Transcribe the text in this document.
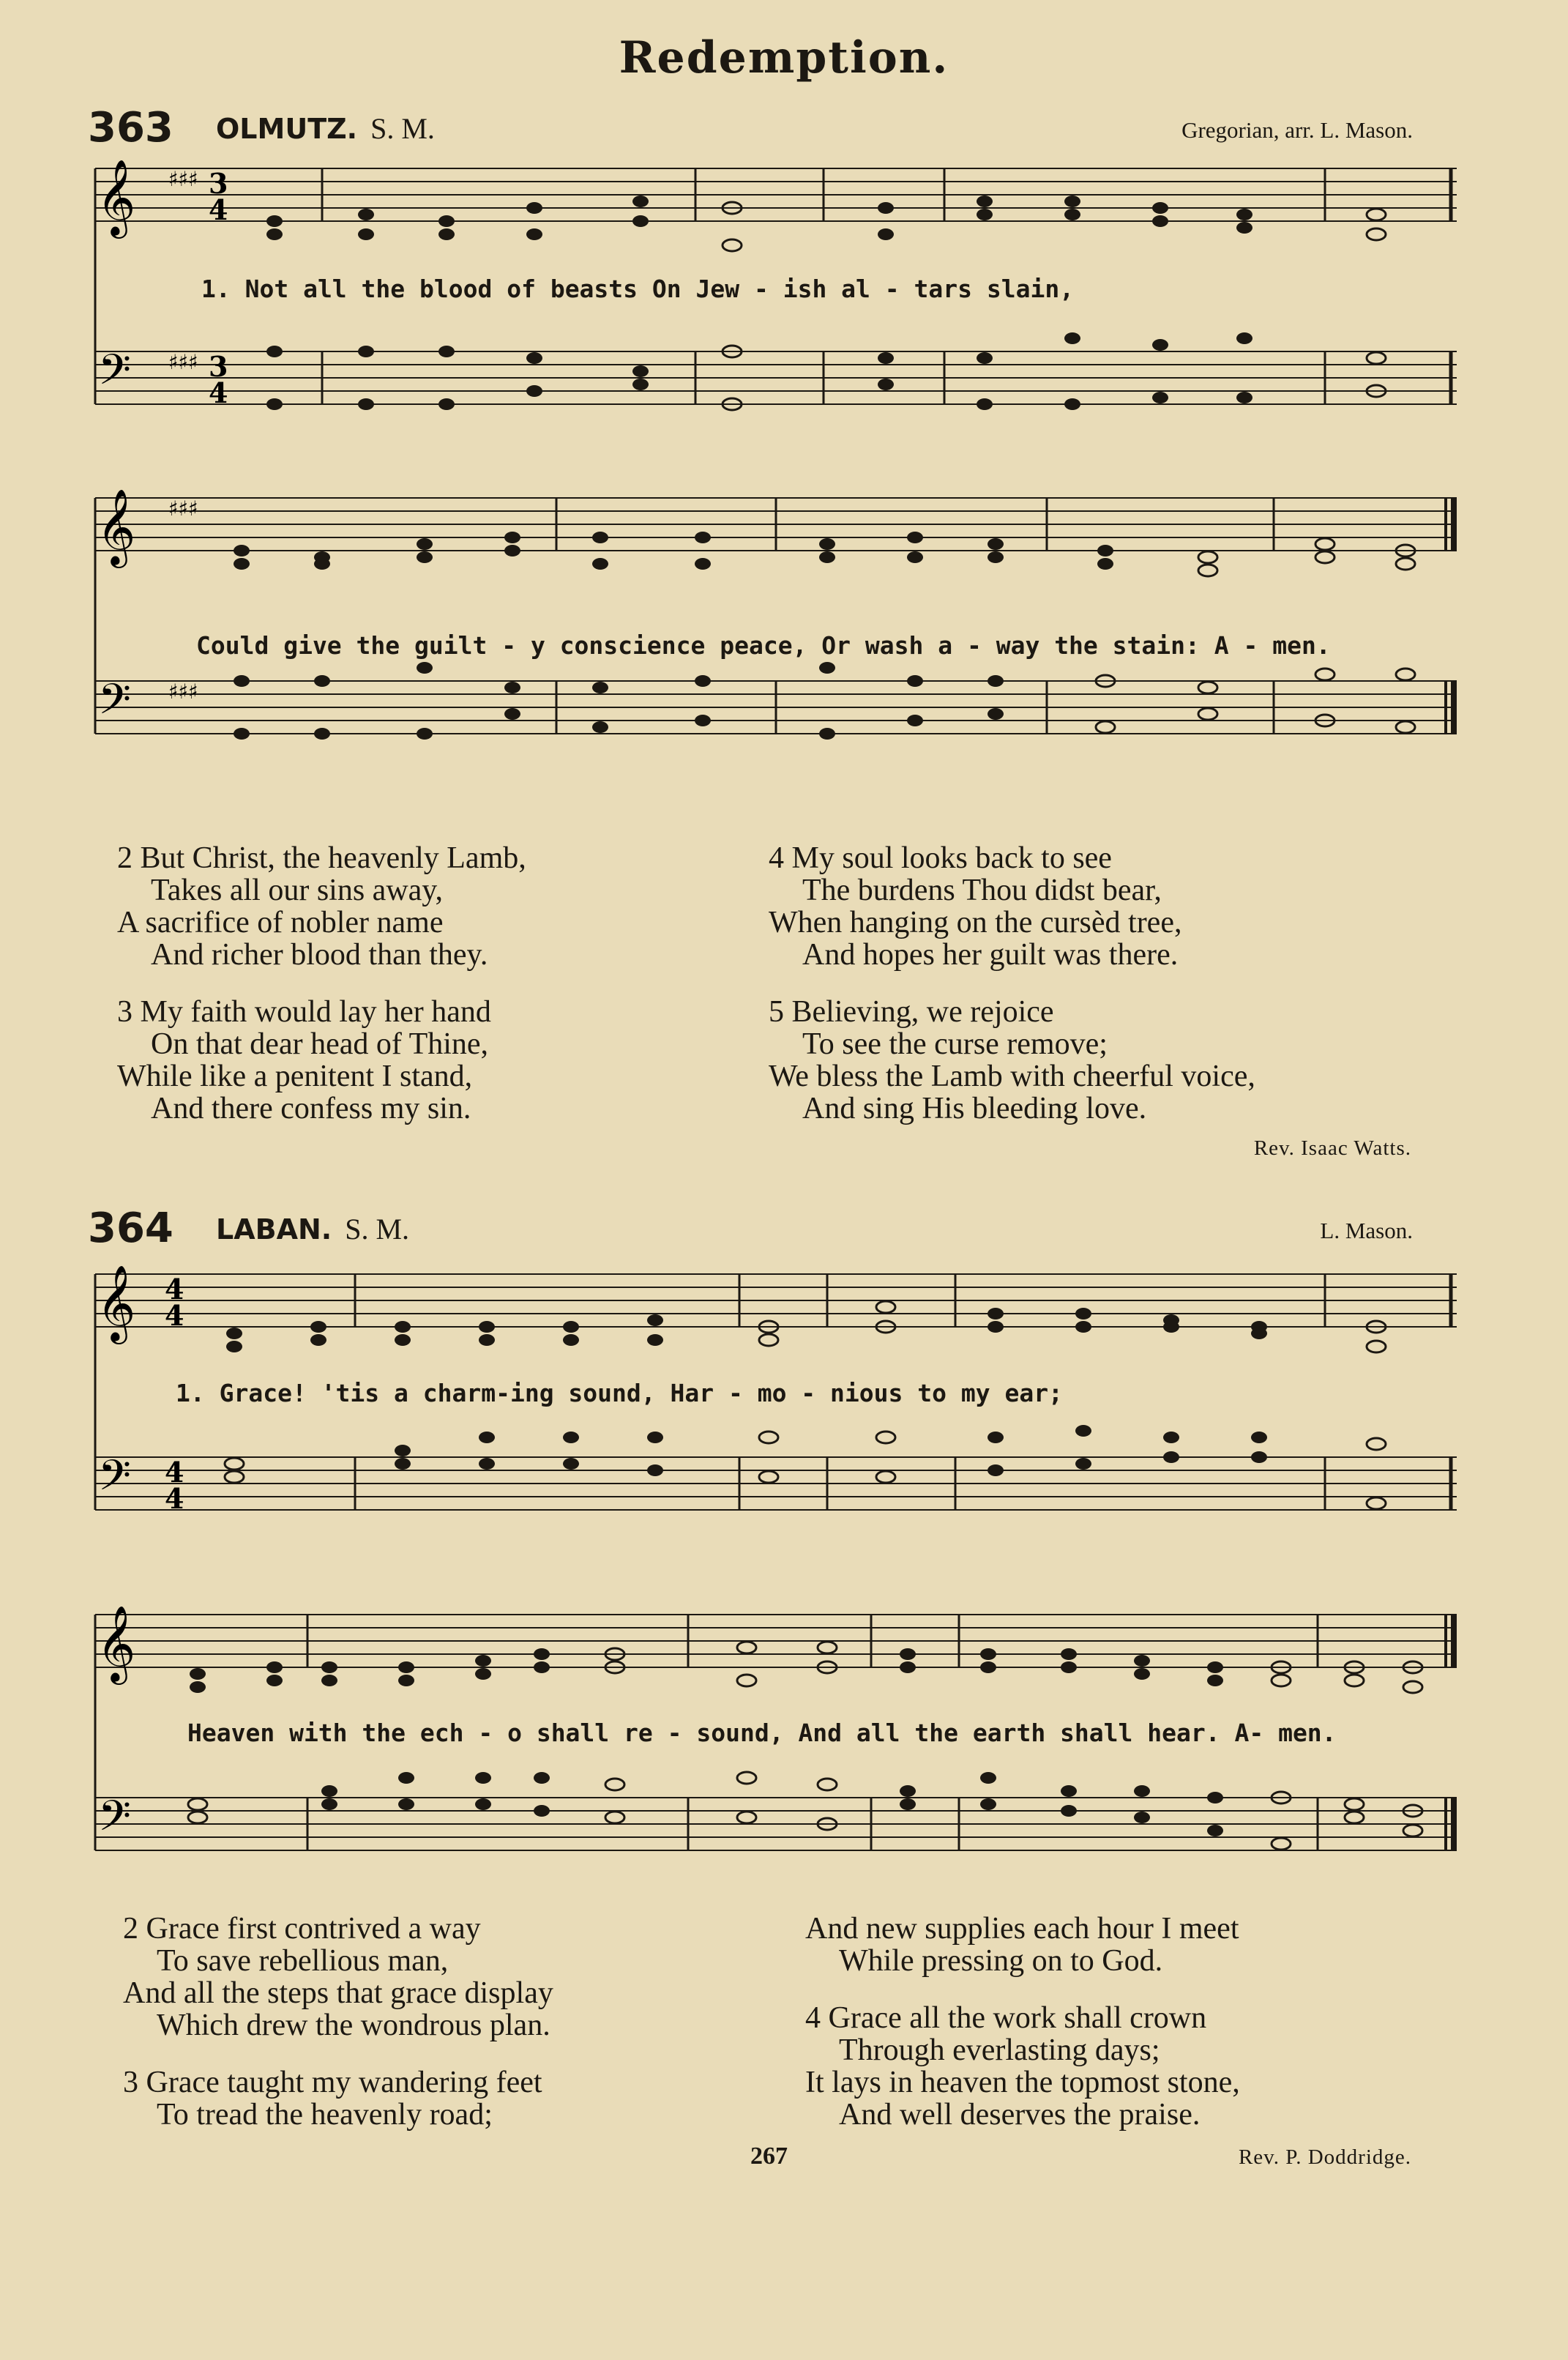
Redemption.
363 OLMUTZ. S. M.	Gregorian, arr. L. Mason.
𝄞 ♯♯♯ 3
4
𝄢 ♯♯♯ 3
4
1. Not all the blood of beasts On Jew - ish al - tars slain,
𝄞 ♯♯♯
𝄢 ♯♯♯
Could give the guilt - y conscience peace, Or wash a - way the stain: A - men.
2 But Christ, the heavenly Lamb,
Takes all our sins away,
A sacrifice of nobler name
And richer blood than they.
3 My faith would lay her hand
On that dear head of Thine,
While like a penitent I stand,
And there confess my sin.
4 My soul looks back to see
The burdens Thou didst bear,
When hanging on the cursèd tree,
And hopes her guilt was there.
5 Believing, we rejoice
To see the curse remove;
We bless the Lamb with cheerful voice,
And sing His bleeding love.
Rev. Isaac Watts.
364 LABAN. S. M.	L. Mason.
𝄞 4
4
𝄢 4
4
1. Grace! 'tis a charm-ing sound, Har - mo - nious to my ear;
𝄞
𝄢
Heaven with the ech - o shall re - sound, And all the earth shall hear. A- men.
2 Grace first contrived a way
To save rebellious man,
And all the steps that grace display
Which drew the wondrous plan.
3 Grace taught my wandering feet
To tread the heavenly road;
And new supplies each hour I meet
While pressing on to God.
4 Grace all the work shall crown
Through everlasting days;
It lays in heaven the topmost stone,
And well deserves the praise.
Rev. P. Doddridge.
267
